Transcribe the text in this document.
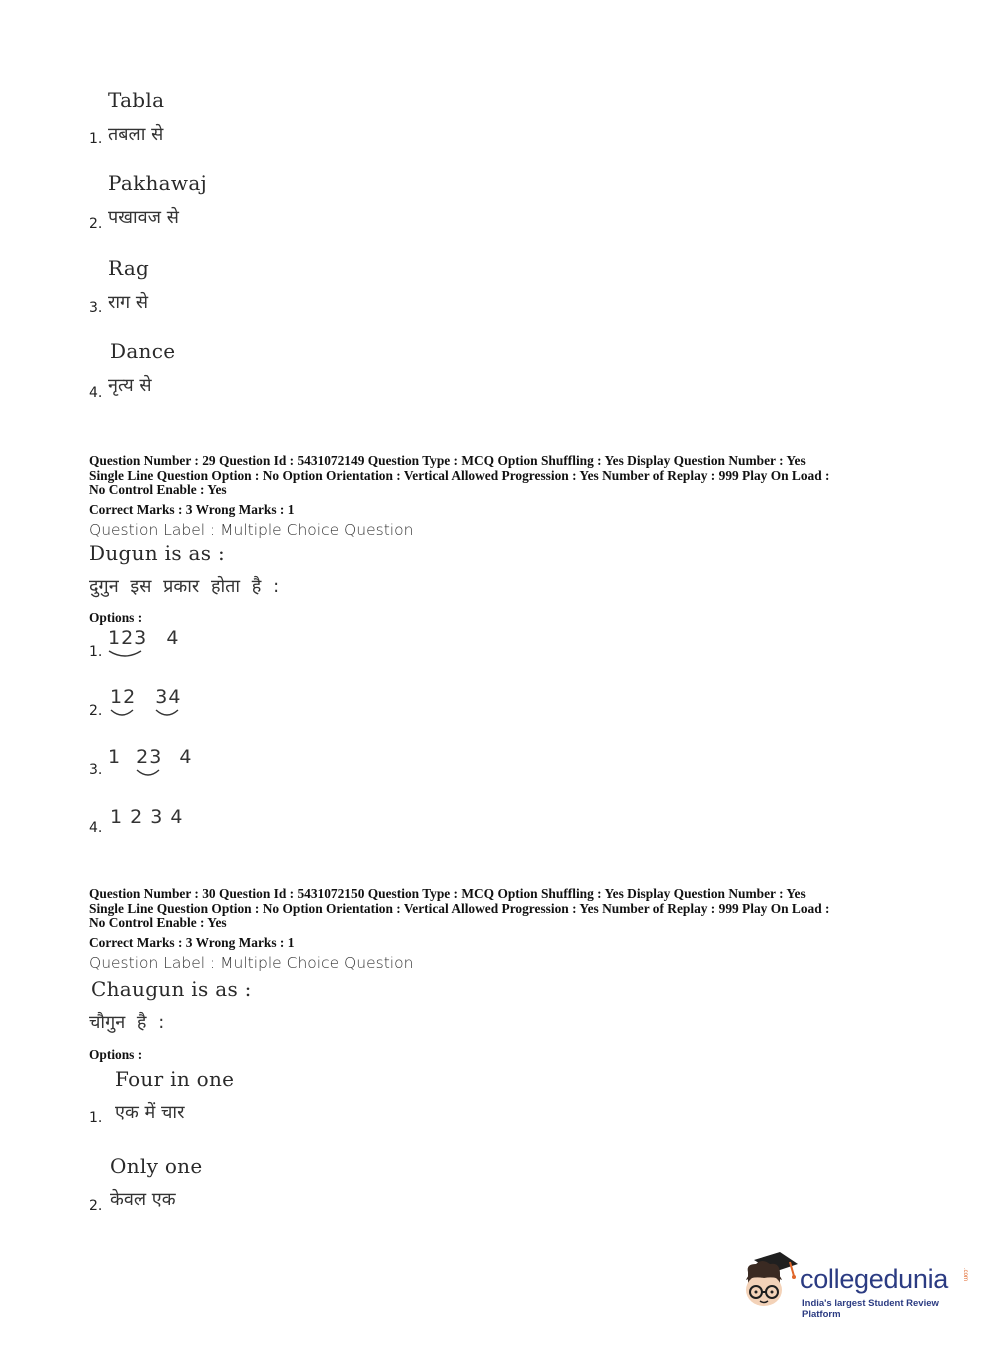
Tabla
1. तबला से
Pakhawaj
2. पखावज से
Rag
3. राग से
Dance
4. नृत्य से
Question Number : 29 Question Id : 5431072149 Question Type : MCQ Option Shuffling : Yes Display Question Number : Yes
Single Line Question Option : No Option Orientation : Vertical Allowed Progression : Yes Number of Replay : 999 Play On Load :
No Control Enable : Yes
Correct Marks : 3 Wrong Marks : 1
Question Label : Multiple Choice Question
Dugun is as :
दुगुन इस प्रकार होता है :
Options :
1.
123 4
2.
12 34
3.
1 23 4
4. 1 2 3 4
Question Number : 30 Question Id : 5431072150 Question Type : MCQ Option Shuffling : Yes Display Question Number : Yes
Single Line Question Option : No Option Orientation : Vertical Allowed Progression : Yes Number of Replay : 999 Play On Load :
No Control Enable : Yes
Correct Marks : 3 Wrong Marks : 1
Question Label : Multiple Choice Question
Chaugun is as :
चौगुन है :
Options :
Four in one
1. एक में चार
Only one
2. केवल एक
collegedunia .com
India's largest Student Review Platform
